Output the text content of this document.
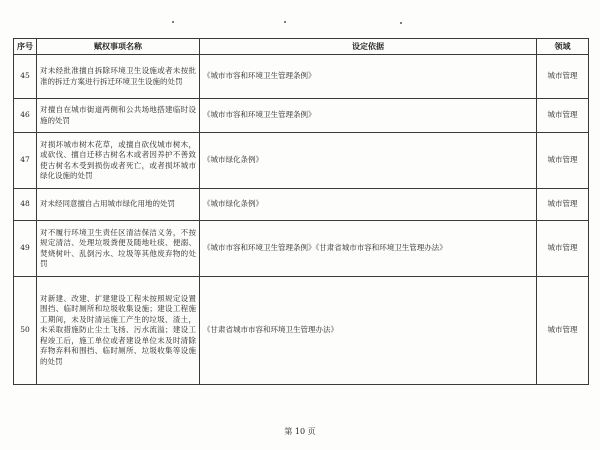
序号	赋权事项名称	设定依据	领域
45	对未经批准擅自拆除环境卫生设施或者未按批准的拆迁方案进行拆迁环境卫生设施的处罚	《城市市容和环境卫生管理条例》	城市管理
46	对擅自在城市街道两侧和公共场地搭建临时设施的处罚	《城市市容和环境卫生管理条例》	城市管理
47	对损坏城市树木花草，或擅自砍伐城市树木，或砍伐、擅自迁移古树名木或者因养护不善致使古树名木受到损伤或者死亡，或者损坏城市绿化设施的处罚	《城市绿化条例》	城市管理
48	对未经同意擅自占用城市绿化用地的处罚	《城市绿化条例》	城市管理
49	对不履行环境卫生责任区清洁保洁义务，不按规定清洁、处理垃圾粪便及随地吐痰、便溺、焚烧树叶、乱倒污水、垃圾等其他废弃物的处罚	《城市市容和环境卫生管理条例》《甘肃省城市市容和环境卫生管理办法》	城市管理
50	对新建、改建、扩建建设工程未按照规定设置围挡、临时厕所和垃圾收集设施；建设工程施工期间，未及时清运施工产生的垃圾、渣土，未采取措施防止尘土飞扬、污水流溢；建设工程竣工后，施工单位或者建设单位未及时清除弃物弃料和围挡、临时厕所、垃圾收集等设施的处罚	《甘肃省城市市容和环境卫生管理办法》	城市管理
第 10 页
